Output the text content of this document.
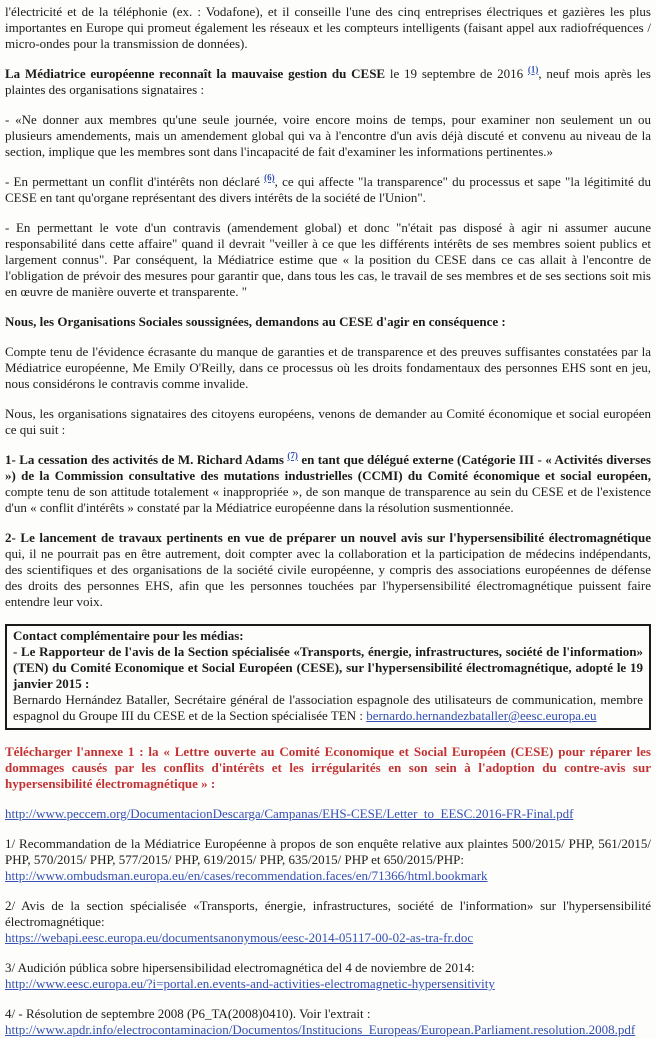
l'électricité et de la téléphonie (ex. : Vodafone), et il conseille l'une des cinq entreprises électriques et gazières les plus importantes en Europe qui promeut également les réseaux et les compteurs intelligents (faisant appel aux radiofréquences / micro-ondes pour la transmission de données).

La Médiatrice européenne reconnaît la mauvaise gestion du CESE le 19 septembre de 2016 $^{(1)}$, neuf mois après les plaintes des organisations signataires :

- «Ne donner aux membres qu'une seule journée, voire encore moins de temps, pour examiner non seulement un ou plusieurs amendements, mais un amendement global qui va à l'encontre d'un avis déjà discuté et convenu au niveau de la section, implique que les membres sont dans l'incapacité de fait d'examiner les informations pertinentes.»

- En permettant un conflit d'intérêts non déclaré $^{(6)}$, ce qui affecte "la transparence" du processus et sape "la légitimité du CESE en tant qu'organe représentant des divers intérêts de la société de l'Union".

- En permettant le vote d'un contravis (amendement global) et donc "n'était pas disposé à agir ni assumer aucune responsabilité dans cette affaire" quand il devrait "veiller à ce que les différents intérêts de ses membres soient publics et largement connus". Par conséquent, la Médiatrice estime que « la position du CESE dans ce cas allait à l'encontre de l'obligation de prévoir des mesures pour garantir que, dans tous les cas, le travail de ses membres et de ses sections soit mis en œuvre de manière ouverte et transparente. "

Nous, les Organisations Sociales soussignées, demandons au CESE d'agir en conséquence :

Compte tenu de l'évidence écrasante du manque de garanties et de transparence et des preuves suffisantes constatées par la Médiatrice européenne, Me Emily O'Reilly, dans ce processus où les droits fondamentaux des personnes EHS sont en jeu, nous considérons le contravis comme invalide.

Nous, les organisations signataires des citoyens européens, venons de demander au Comité économique et social européen ce qui suit :

1- La cessation des activités de M. Richard Adams $^{(7)}$ en tant que délégué externe (Catégorie III - « Activités diverses ») de la Commission consultative des mutations industrielles (CCMI) du Comité économique et social européen, compte tenu de son attitude totalement « inappropriée », de son manque de transparence au sein du CESE et de l'existence d'un « conflit d'intérêts » constaté par la Médiatrice européenne dans la résolution susmentionnée.

2- Le lancement de travaux pertinents en vue de préparer un nouvel avis sur l'hypersensibilité électromagnétique qui, il ne pourrait pas en être autrement, doit compter avec la collaboration et la participation de médecins indépendants, des scientifiques et des organisations de la société civile européenne, y compris des associations européennes de défense des droits des personnes EHS, afin que les personnes touchées par l'hypersensibilité électromagnétique puissent faire entendre leur voix.

Contact complémentaire pour les médias:

- Le Rapporteur de l'avis de la Section spécialisée «Transports, énergie, infrastructures, société de l'information» (TEN) du Comité Economique et Social Européen (CESE), sur l'hypersensibilité électromagnétique, adopté le 19 janvier 2015 :

Bernardo Hernández Bataller, Secrétaire général de l'association espagnole des utilisateurs de communication, membre espagnol du Groupe III du CESE et de la Section spécialisée TEN : bernardo.hernandezbataller@eesc.europa.eu

Télécharger l'annexe 1 : la « Lettre ouverte au Comité Economique et Social Européen (CESE) pour réparer les dommages causés par les conflits d'intérêts et les irrégularités en son sein à l'adoption du contre-avis sur hypersensibilité électromagnétique » :

http://www.peccem.org/DocumentacionDescarga/Campanas/EHS-CESE/Letter_to_EESC.2016-FR-Final.pdf

1/ Recommandation de la Médiatrice Européenne à propos de son enquête relative aux plaintes 500/2015/ PHP, 561/2015/ PHP, 570/2015/ PHP, 577/2015/ PHP, 619/2015/ PHP, 635/2015/ PHP et 650/2015/PHP:

http://www.ombudsman.europa.eu/en/cases/recommendation.faces/en/71366/html.bookmark

2/ Avis de la section spécialisée «Transports, énergie, infrastructures, société de l'information» sur l'hypersensibilité électromagnétique:

https://webapi.eesc.europa.eu/documentsanonymous/eesc-2014-05117-00-02-as-tra-fr.doc

3/ Audición pública sobre hipersensibilidad electromagnética del 4 de noviembre de 2014:

http://www.eesc.europa.eu/?i=portal.en.events-and-activities-electromagnetic-hypersensitivity

4/ - Résolution de septembre 2008 (P6_TA(2008)0410). Voir l'extrait :

http://www.apdr.info/electrocontaminacion/Documentos/Institucions_Europeas/European.Parliament.resolution.2008.pdf
